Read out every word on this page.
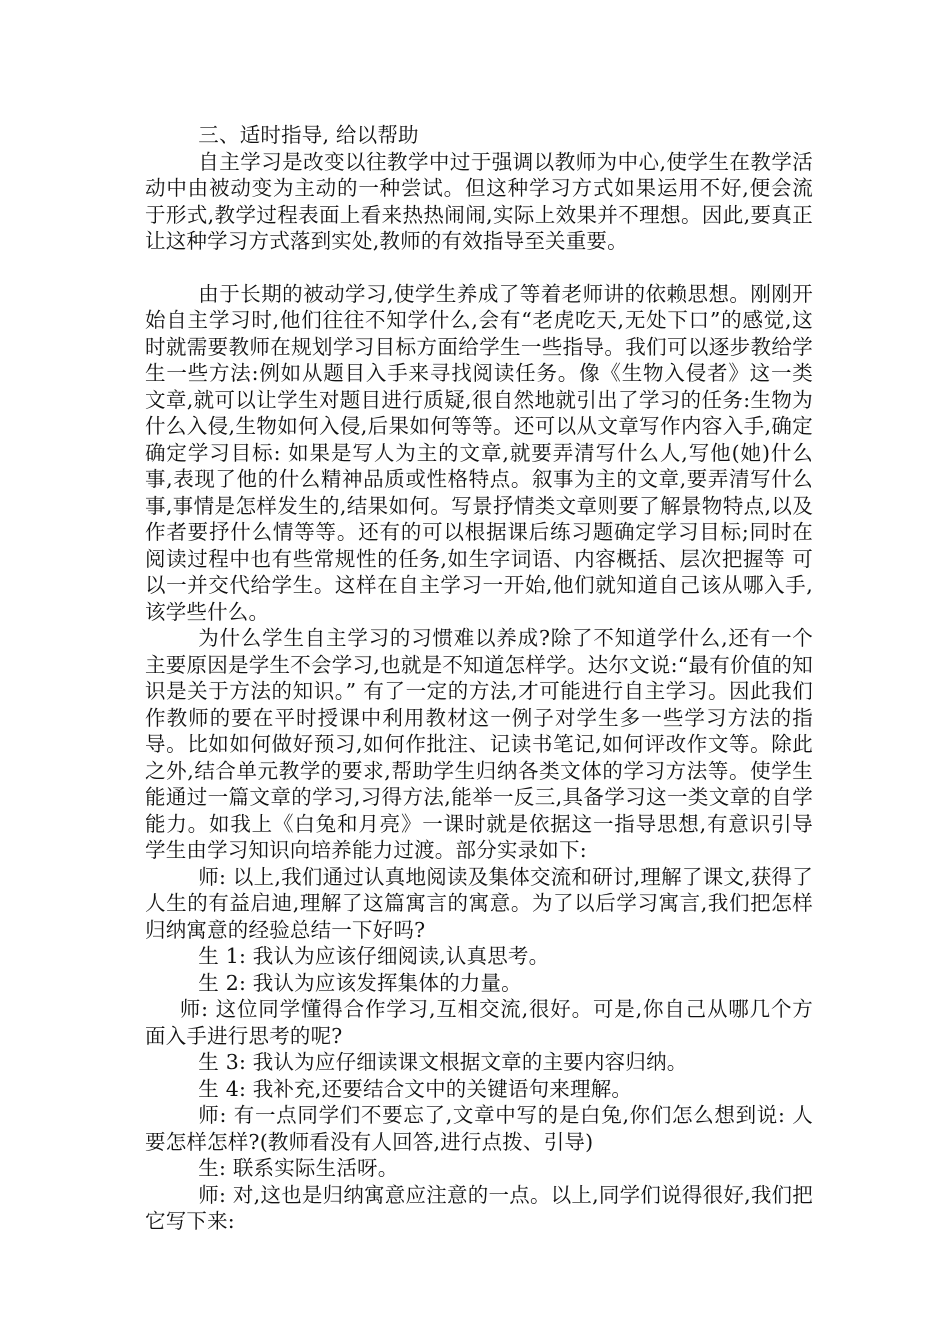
三、适时指导, 给以帮助

自主学习是改变以往教学中过于强调以教师为中心,使学生在教学活动中由被动变为主动的一种尝试。但这种学习方式如果运用不好,便会流于形式,教学过程表面上看来热热闹闹,实际上效果并不理想。因此,要真正让这种学习方式落到实处,教师的有效指导至关重要。

由于长期的被动学习,使学生养成了等着老师讲的依赖思想。刚刚开始自主学习时,他们往往不知学什么,会有“老虎吃天,无处下口”的感觉,这时就需要教师在规划学习目标方面给学生一些指导。我们可以逐步教给学生一些方法:例如从题目入手来寻找阅读任务。像《生物入侵者》这一类文章,就可以让学生对题目进行质疑,很自然地就引出了学习的任务:生物为什么入侵,生物如何入侵,后果如何等等。还可以从文章写作内容入手,确定确定学习目标: 如果是写人为主的文章,就要弄清写什么人,写他(她)什么事,表现了他的什么精神品质或性格特点。叙事为主的文章,要弄清写什么事,事情是怎样发生的,结果如何。写景抒情类文章则要了解景物特点,以及作者要抒什么情等等。还有的可以根据课后练习题确定学习目标;同时在阅读过程中也有些常规性的任务,如生字词语、内容概括、层次把握等 可以一并交代给学生。这样在自主学习一开始,他们就知道自己该从哪入手,该学些什么。

为什么学生自主学习的习惯难以养成?除了不知道学什么,还有一个主要原因是学生不会学习,也就是不知道怎样学。达尔文说:“最有价值的知识是关于方法的知识。” 有了一定的方法,才可能进行自主学习。因此我们作教师的要在平时授课中利用教材这一例子对学生多一些学习方法的指导。比如如何做好预习,如何作批注、记读书笔记,如何评改作文等。除此之外,结合单元教学的要求,帮助学生归纳各类文体的学习方法等。使学生能通过一篇文章的学习,习得方法,能举一反三,具备学习这一类文章的自学能力。如我上《白兔和月亮》一课时就是依据这一指导思想,有意识引导学生由学习知识向培养能力过渡。部分实录如下:

师: 以上,我们通过认真地阅读及集体交流和研讨,理解了课文,获得了人生的有益启迪,理解了这篇寓言的寓意。为了以后学习寓言,我们把怎样归纳寓意的经验总结一下好吗?

生 1: 我认为应该仔细阅读,认真思考。

生 2: 我认为应该发挥集体的力量。

师: 这位同学懂得合作学习,互相交流,很好。可是,你自己从哪几个方面入手进行思考的呢?

生 3: 我认为应仔细读课文根据文章的主要内容归纳。

生 4: 我补充,还要结合文中的关键语句来理解。

师: 有一点同学们不要忘了,文章中写的是白兔,你们怎么想到说: 人要怎样怎样?(教师看没有人回答,进行点拨、引导)

生: 联系实际生活呀。

师: 对,这也是归纳寓意应注意的一点。以上,同学们说得很好,我们把它写下来:
